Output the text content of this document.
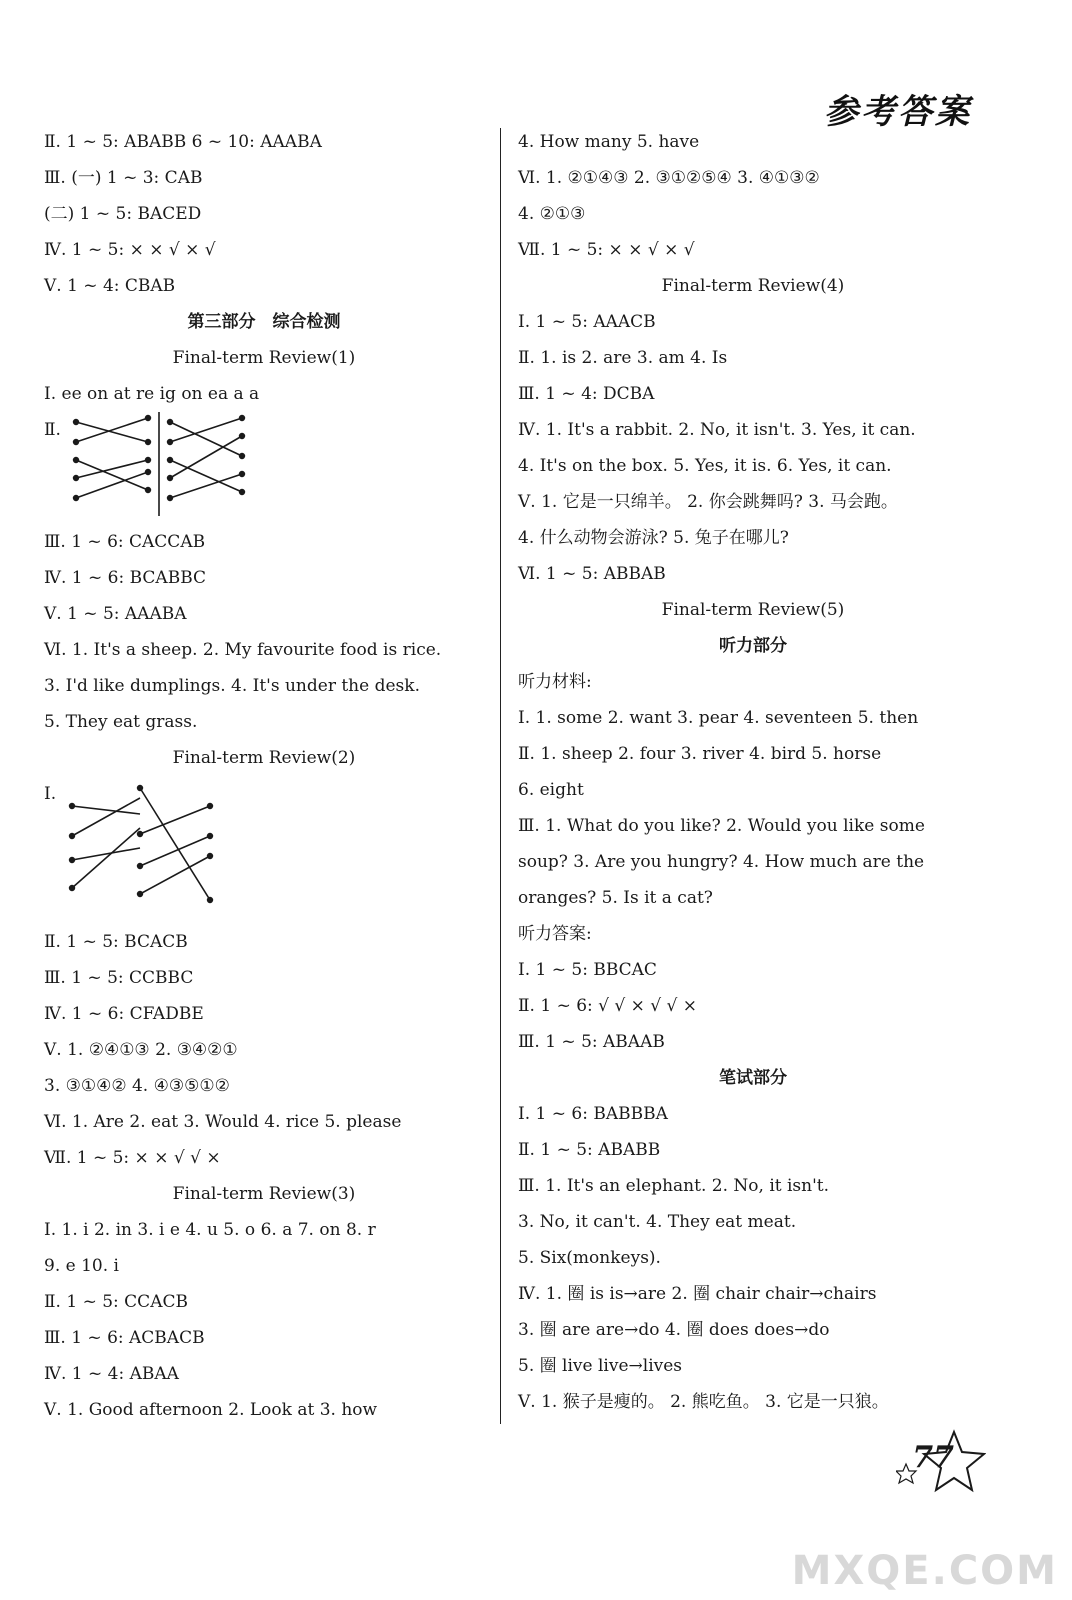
参考答案
Ⅱ. 1 ~ 5: ABABB 6 ~ 10: AAABA
Ⅲ. (一) 1 ~ 3: CAB
(二) 1 ~ 5: BACED
Ⅳ. 1 ~ 5: × × √ × √
Ⅴ. 1 ~ 4: CBAB
第三部分　综合检测
Final-term Review(1)
Ⅰ. ee on at re ig on ea a a
Ⅱ.
Ⅲ. 1 ~ 6: CACCAB
Ⅳ. 1 ~ 6: BCABBC
Ⅴ. 1 ~ 5: AAABA
Ⅵ. 1. It's a sheep. 2. My favourite food is rice.
3. I'd like dumplings. 4. It's under the desk.
5. They eat grass.
Final-term Review(2)
Ⅰ.
Ⅱ. 1 ~ 5: BCACB
Ⅲ. 1 ~ 5: CCBBC
Ⅳ. 1 ~ 6: CFADBE
Ⅴ. 1. ②④①③ 2. ③④②①
3. ③①④② 4. ④③⑤①②
Ⅵ. 1. Are 2. eat 3. Would 4. rice 5. please
Ⅶ. 1 ~ 5: × × √ √ ×
Final-term Review(3)
Ⅰ. 1. i 2. in 3. i e 4. u 5. o 6. a 7. on 8. r
9. e 10. i
Ⅱ. 1 ~ 5: CCACB
Ⅲ. 1 ~ 6: ACBACB
Ⅳ. 1 ~ 4: ABAA
Ⅴ. 1. Good afternoon 2. Look at 3. how
4. How many 5. have
Ⅵ. 1. ②①④③ 2. ③①②⑤④ 3. ④①③②
4. ②①③
Ⅶ. 1 ~ 5: × × √ × √
Final-term Review(4)
Ⅰ. 1 ~ 5: AAACB
Ⅱ. 1. is 2. are 3. am 4. Is
Ⅲ. 1 ~ 4: DCBA
Ⅳ. 1. It's a rabbit. 2. No, it isn't. 3. Yes, it can.
4. It's on the box. 5. Yes, it is. 6. Yes, it can.
Ⅴ. 1. 它是一只绵羊。 2. 你会跳舞吗? 3. 马会跑。
4. 什么动物会游泳? 5. 兔子在哪儿?
Ⅵ. 1 ~ 5: ABBAB
Final-term Review(5)
听力部分
听力材料:
Ⅰ. 1. some 2. want 3. pear 4. seventeen 5. then
Ⅱ. 1. sheep 2. four 3. river 4. bird 5. horse
6. eight
Ⅲ. 1. What do you like? 2. Would you like some
soup? 3. Are you hungry? 4. How much are the
oranges? 5. Is it a cat?
听力答案:
Ⅰ. 1 ~ 5: BBCAC
Ⅱ. 1 ~ 6: √ √ × √ √ ×
Ⅲ. 1 ~ 5: ABAAB
笔试部分
Ⅰ. 1 ~ 6: BABBBA
Ⅱ. 1 ~ 5: ABABB
Ⅲ. 1. It's an elephant. 2. No, it isn't.
3. No, it can't. 4. They eat meat.
5. Six(monkeys).
Ⅳ. 1. 圈 is is→are 2. 圈 chair chair→chairs
3. 圈 are are→do 4. 圈 does does→do
5. 圈 live live→lives
Ⅴ. 1. 猴子是瘦的。 2. 熊吃鱼。 3. 它是一只狼。
77
MXQE.COM
